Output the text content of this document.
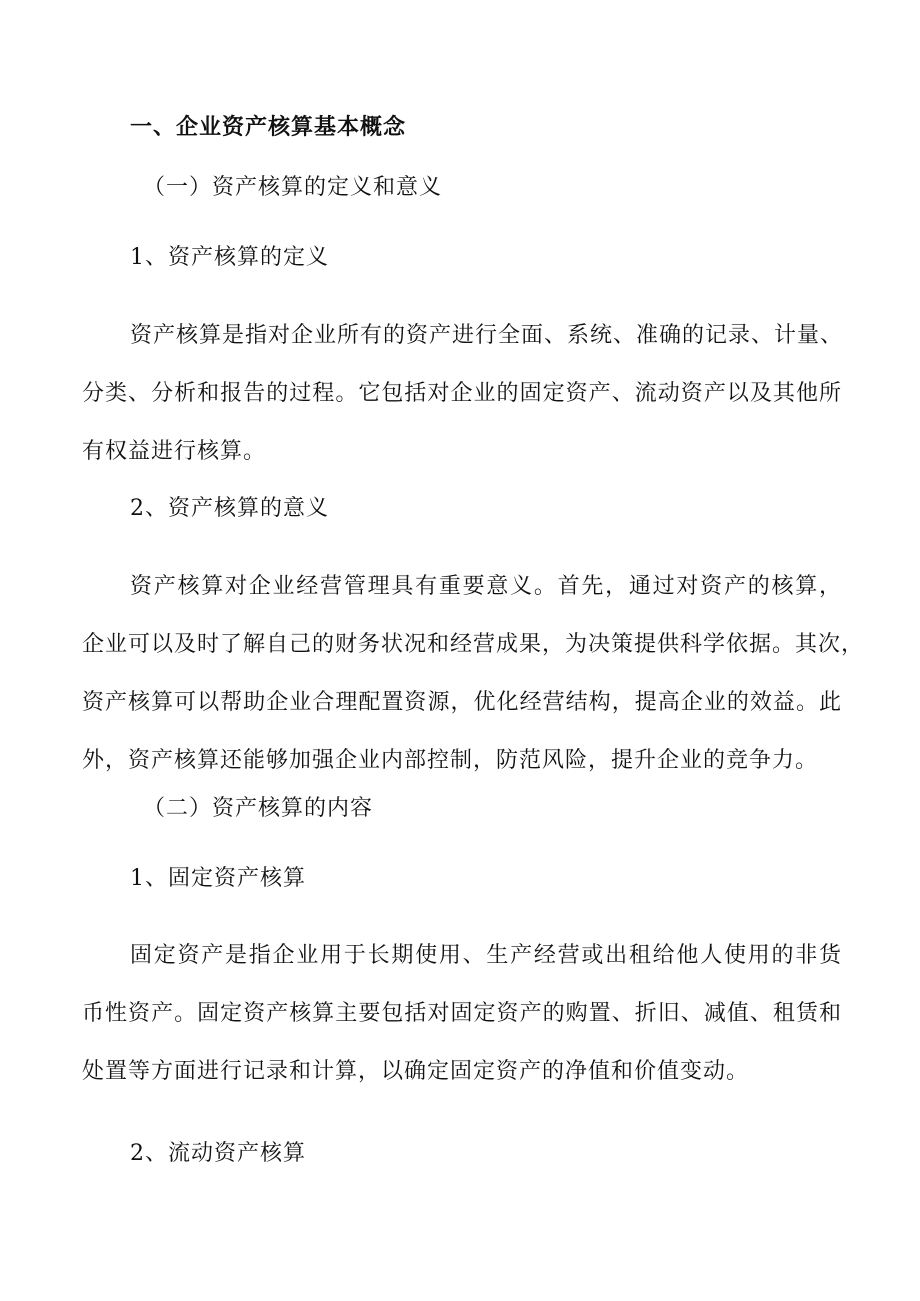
一、企业资产核算基本概念
（一）资产核算的定义和意义
1、资产核算的定义
资产核算是指对企业所有的资产进行全面、系统、准确的记录、计量、
分类、分析和报告的过程。它包括对企业的固定资产、流动资产以及其他所
有权益进行核算。
2、资产核算的意义
资产核算对企业经营管理具有重要意义。首先，通过对资产的核算，
企业可以及时了解自己的财务状况和经营成果，为决策提供科学依据。其次，
资产核算可以帮助企业合理配置资源，优化经营结构，提高企业的效益。此
外，资产核算还能够加强企业内部控制，防范风险，提升企业的竞争力。
（二）资产核算的内容
1、固定资产核算
固定资产是指企业用于长期使用、生产经营或出租给他人使用的非货
币性资产。固定资产核算主要包括对固定资产的购置、折旧、减值、租赁和
处置等方面进行记录和计算，以确定固定资产的净值和价值变动。
2、流动资产核算
